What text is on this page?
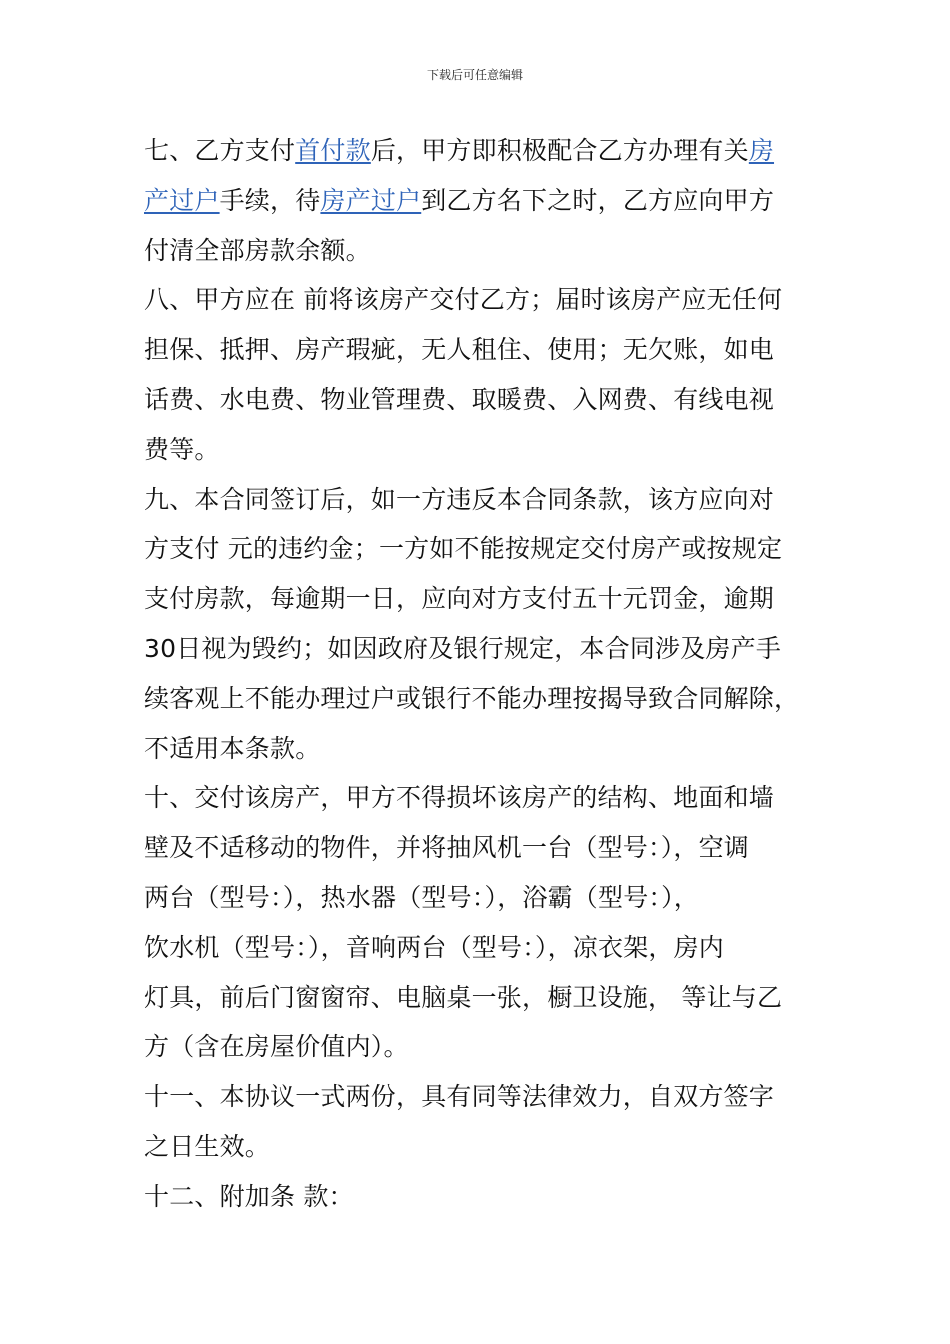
下载后可任意编辑
七、乙方支付首付款后，甲方即积极配合乙方办理有关房
产过户手续，待房产过户到乙方名下之时，乙方应向甲方
付清全部房款余额。
八、甲方应在 前将该房产交付乙方；届时该房产应无任何
担保、抵押、房产瑕疵，无人租住、使用；无欠账，如电
话费、水电费、物业管理费、取暖费、入网费、有线电视
费等。
九、本合同签订后，如一方违反本合同条款，该方应向对
方支付 元的违约金；一方如不能按规定交付房产或按规定
支付房款，每逾期一日，应向对方支付五十元罚金，逾期
30日视为毁约；如因政府及银行规定，本合同涉及房产手
续客观上不能办理过户或银行不能办理按揭导致合同解除，
不适用本条款。
十、交付该房产，甲方不得损坏该房产的结构、地面和墙
壁及不适移动的物件，并将抽风机一台（型号：），空调
两台（型号：），热水器（型号：），浴霸（型号：），
饮水机（型号：），音响两台（型号：），凉衣架，房内
灯具，前后门窗窗帘、电脑桌一张，橱卫设施， 等让与乙
方（含在房屋价值内）。
十一、本协议一式两份，具有同等法律效力，自双方签字
之日生效。
十二、附加条 款：
